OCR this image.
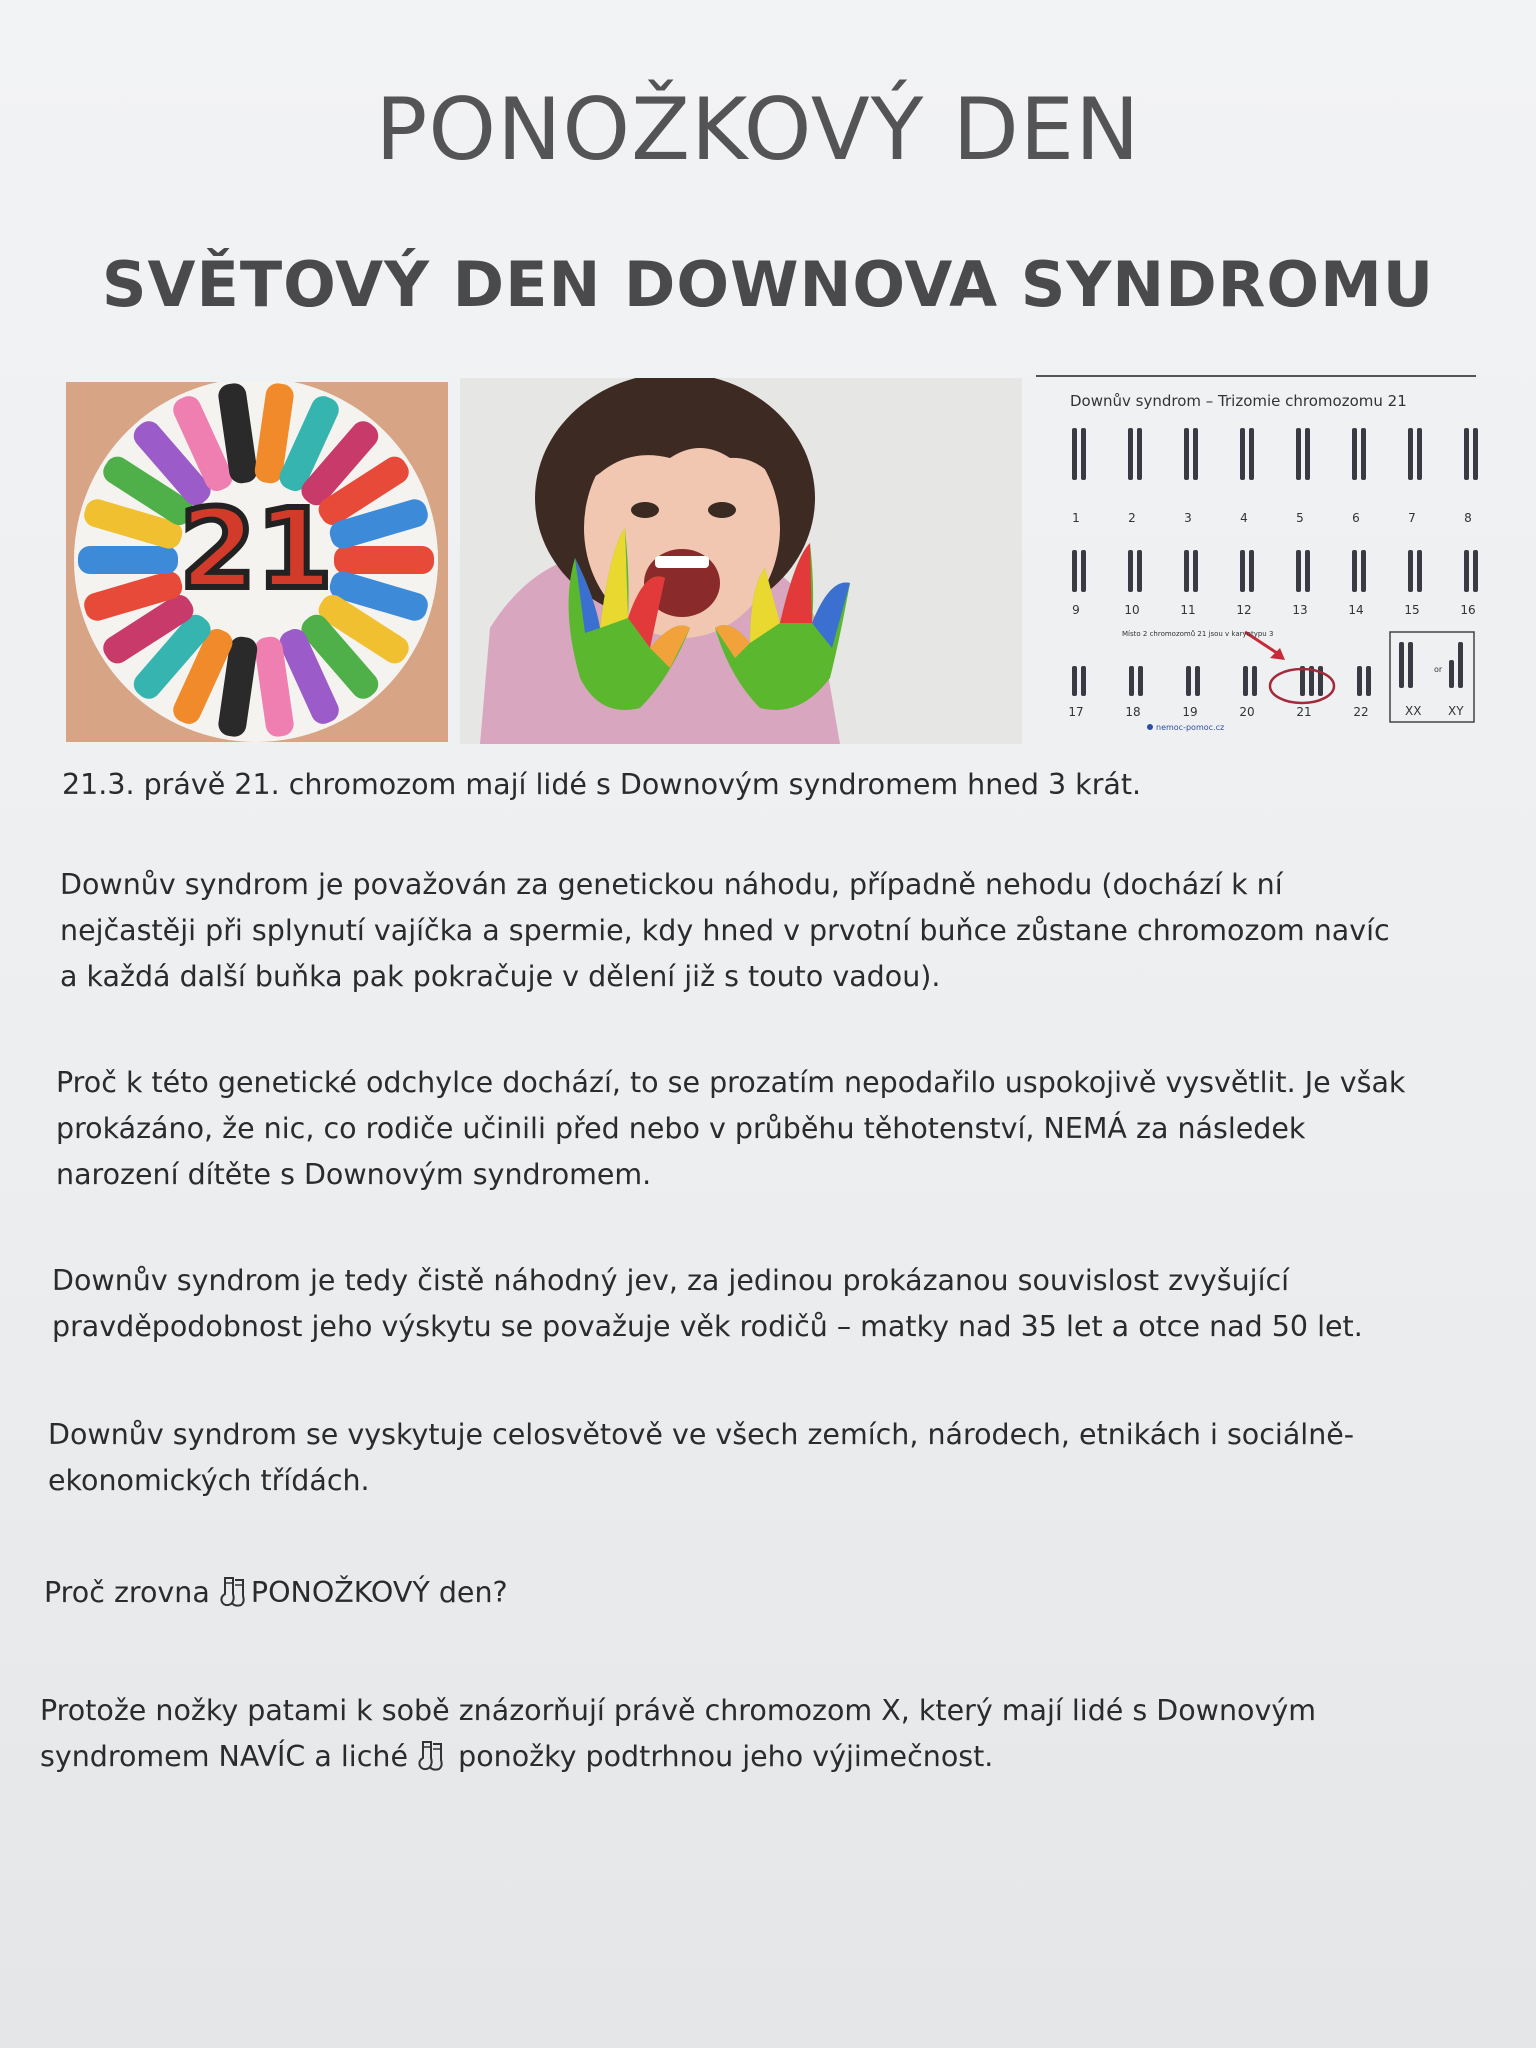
PONOŽKOVÝ DEN
SVĚTOVÝ DEN DOWNOVA SYNDROMU
21
Downův syndrom – Trizomie chromozomu 21
1	2	3	4	5	6	7	8
9	10	11	12	13	14	15	16
17	18	19	20	21	22
Místo 2 chromozomů 21 jsou v karyotypu 3
or
XX XY
nemoc-pomoc.cz

21.3. právě 21. chromozom mají lidé s Downovým syndromem hned 3 krát.

Downův syndrom je považován za genetickou náhodu, případně nehodu (dochází k ní
nejčastěji při splynutí vajíčka a spermie, kdy hned v prvotní buňce zůstane chromozom navíc
a každá další buňka pak pokračuje v dělení již s touto vadou).

Proč k této genetické odchylce dochází, to se prozatím nepodařilo uspokojivě vysvětlit. Je však
prokázáno, že nic, co rodiče učinili před nebo v průběhu těhotenství, NEMÁ za následek
narození dítěte s Downovým syndromem.

Downův syndrom je tedy čistě náhodný jev, za jedinou prokázanou souvislost zvyšující
pravděpodobnost jeho výskytu se považuje věk rodičů – matky nad 35 let a otce nad 50 let.

Downův syndrom se vyskytuje celosvětově ve všech zemích, národech, etnikách i sociálně-
ekonomických třídách.

Proč zrovna PONOŽKOVÝ den?

Protože nožky patami k sobě znázorňují právě chromozom X, který mají lidé s Downovým
syndromem NAVÍC a liché  ponožky podtrhnou jeho výjimečnost.
